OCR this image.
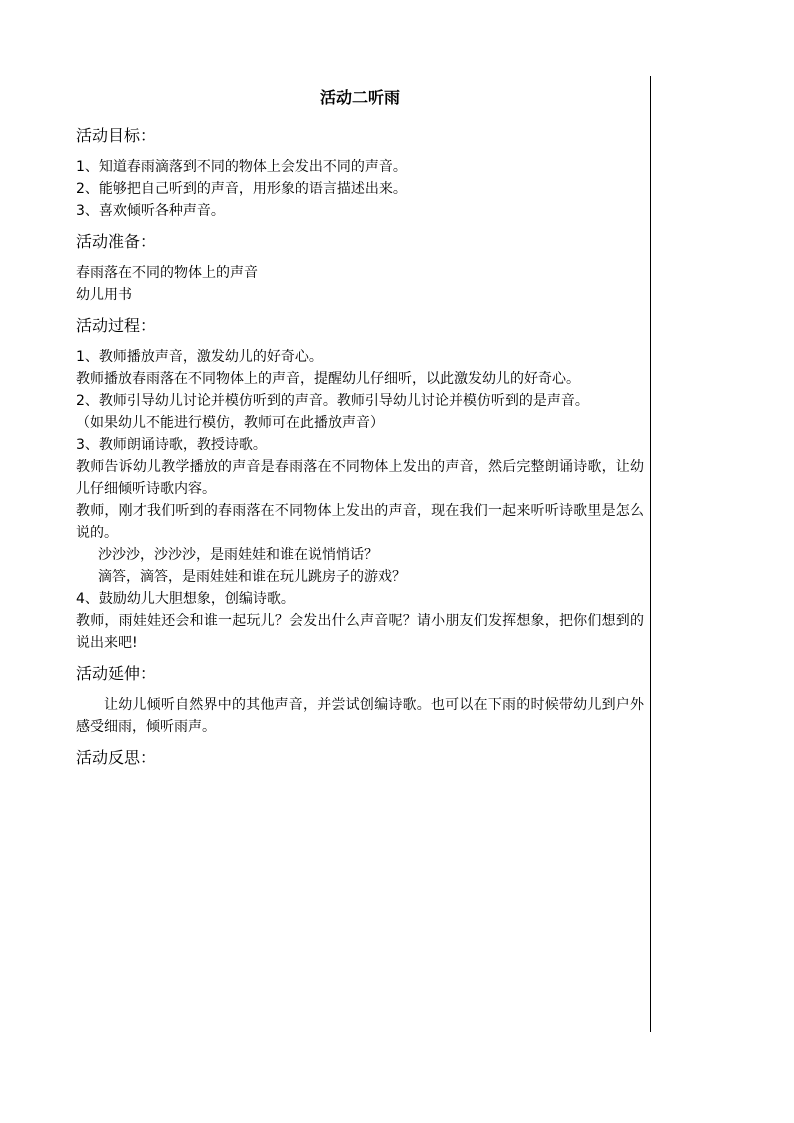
活动二听雨
活动目标：
1、知道春雨滴落到不同的物体上会发出不同的声音。
2、能够把自己听到的声音，用形象的语言描述出来。
3、喜欢倾听各种声音。
活动准备：
春雨落在不同的物体上的声音
幼儿用书
活动过程：
1、教师播放声音，激发幼儿的好奇心。
教师播放春雨落在不同物体上的声音，提醒幼儿仔细听，以此激发幼儿的好奇心。
2、教师引导幼儿讨论并模仿听到的声音。教师引导幼儿讨论并模仿听到的是声音。
（如果幼儿不能进行模仿，教师可在此播放声音）
3、教师朗诵诗歌，教授诗歌。
教师告诉幼儿教学播放的声音是春雨落在不同物体上发出的声音，然后完整朗诵诗歌，让幼儿仔细倾听诗歌内容。
教师，刚才我们听到的春雨落在不同物体上发出的声音，现在我们一起来听听诗歌里是怎么说的。
沙沙沙，沙沙沙，是雨娃娃和谁在说悄悄话？
滴答，滴答，是雨娃娃和谁在玩儿跳房子的游戏？
4、鼓励幼儿大胆想象，创编诗歌。
教师，雨娃娃还会和谁一起玩儿？会发出什么声音呢？请小朋友们发挥想象，把你们想到的说出来吧!
活动延伸：
让幼儿倾听自然界中的其他声音，并尝试创编诗歌。也可以在下雨的时候带幼儿到户外感受细雨，倾听雨声。
活动反思：
